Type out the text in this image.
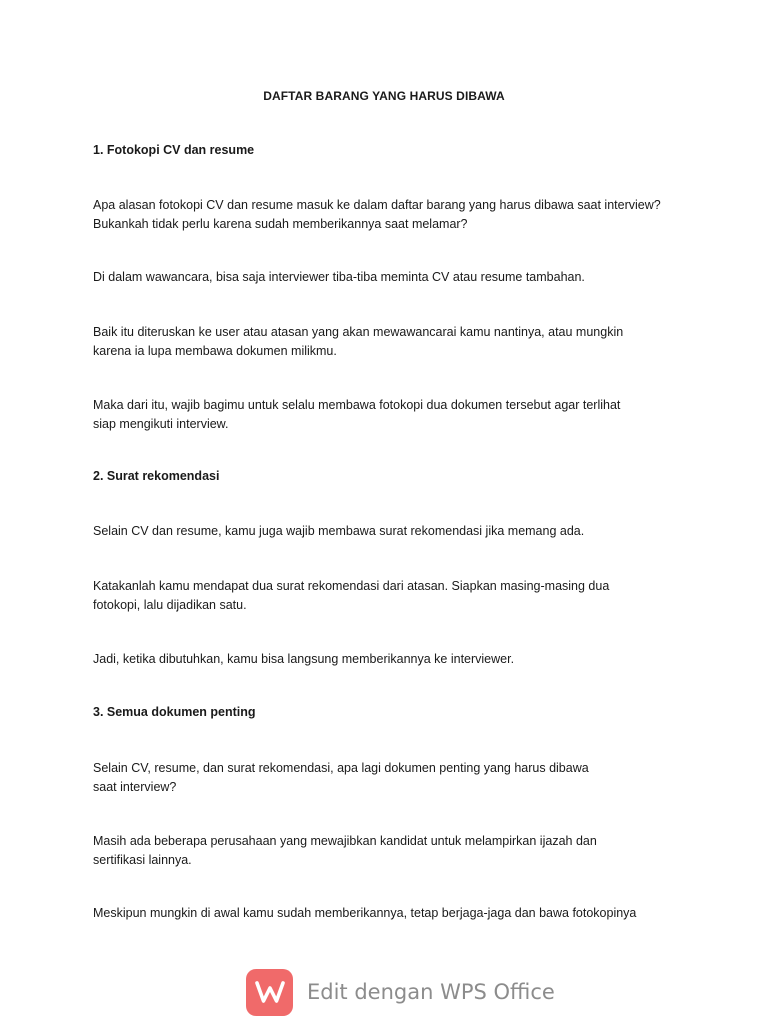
DAFTAR BARANG YANG HARUS DIBAWA
1. Fotokopi CV dan resume
Apa alasan fotokopi CV dan resume masuk ke dalam daftar barang yang harus dibawa saat interview?
Bukankah tidak perlu karena sudah memberikannya saat melamar?
Di dalam wawancara, bisa saja interviewer tiba-tiba meminta CV atau resume tambahan.
Baik itu diteruskan ke user atau atasan yang akan mewawancarai kamu nantinya, atau mungkin
karena ia lupa membawa dokumen milikmu.
Maka dari itu, wajib bagimu untuk selalu membawa fotokopi dua dokumen tersebut agar terlihat
siap mengikuti interview.
2. Surat rekomendasi
Selain CV dan resume, kamu juga wajib membawa surat rekomendasi jika memang ada.
Katakanlah kamu mendapat dua surat rekomendasi dari atasan. Siapkan masing-masing dua
fotokopi, lalu dijadikan satu.
Jadi, ketika dibutuhkan, kamu bisa langsung memberikannya ke interviewer.
3. Semua dokumen penting
Selain CV, resume, dan surat rekomendasi, apa lagi dokumen penting yang harus dibawa
saat interview?
Masih ada beberapa perusahaan yang mewajibkan kandidat untuk melampirkan ijazah dan
sertifikasi lainnya.
Meskipun mungkin di awal kamu sudah memberikannya, tetap berjaga-jaga dan bawa fotokopinya
Edit dengan WPS Office
